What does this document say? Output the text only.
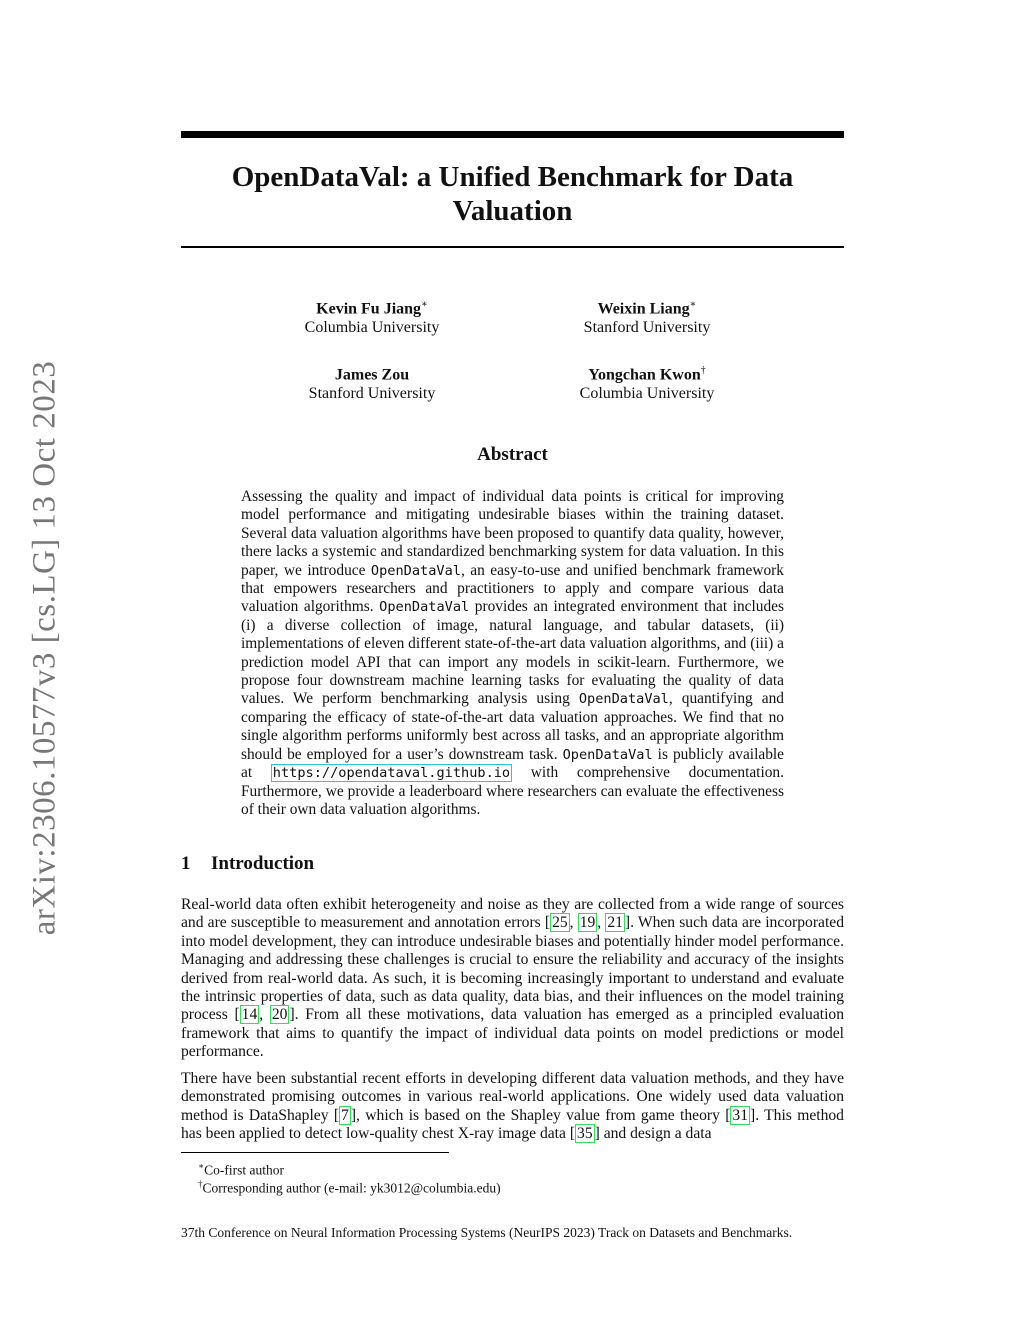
arXiv:2306.10577v3 [cs.LG] 13 Oct 2023
OpenDataVal: a Unified Benchmark for Data
Valuation
Kevin Fu Jiang∗
Columbia University
Weixin Liang∗
Stanford University
James Zou
Stanford University
Yongchan Kwon†
Columbia University
Abstract
Assessing the quality and impact of individual data points is critical for improving model performance and mitigating undesirable biases within the training dataset. Several data valuation algorithms have been proposed to quantify data quality, however, there lacks a systemic and standardized benchmarking system for data valuation. In this paper, we introduce OpenDataVal, an easy-to-use and unified benchmark framework that empowers researchers and practitioners to apply and compare various data valuation algorithms. OpenDataVal provides an integrated environment that includes (i) a diverse collection of image, natural language, and tabular datasets, (ii) implementations of eleven different state-of-the-art data valuation algorithms, and (iii) a prediction model API that can import any models in scikit-learn. Furthermore, we propose four downstream machine learning tasks for evaluating the quality of data values. We perform benchmarking analysis using OpenDataVal, quantifying and comparing the efficacy of state-of-the-art data valuation approaches. We find that no single algorithm performs uniformly best across all tasks, and an appropriate algorithm should be employed for a user’s downstream task. OpenDataVal is publicly available at https://opendataval.github.io with comprehensive documentation. Furthermore, we provide a leaderboard where researchers can evaluate the effectiveness of their own data valuation algorithms.
1 Introduction
Real-world data often exhibit heterogeneity and noise as they are collected from a wide range of sources and are susceptible to measurement and annotation errors [ 25 , 19 , 21 ]. When such data are incorporated into model development, they can introduce undesirable biases and potentially hinder model performance. Managing and addressing these challenges is crucial to ensure the reliability and accuracy of the insights derived from real-world data. As such, it is becoming increasingly important to understand and evaluate the intrinsic properties of data, such as data quality, data bias, and their influences on the model training process [ 14 , 20 ]. From all these motivations, data valuation has emerged as a principled evaluation framework that aims to quantify the impact of individual data points on model predictions or model performance.
There have been substantial recent efforts in developing different data valuation methods, and they have demonstrated promising outcomes in various real-world applications. One widely used data valuation method is DataShapley [ 7 ], which is based on the Shapley value from game theory [ 31 ]. This method has been applied to detect low-quality chest X-ray image data [ 35 ] and design a data
∗Co-first author
†Corresponding author (e-mail: yk3012@columbia.edu)
37th Conference on Neural Information Processing Systems (NeurIPS 2023) Track on Datasets and Benchmarks.
